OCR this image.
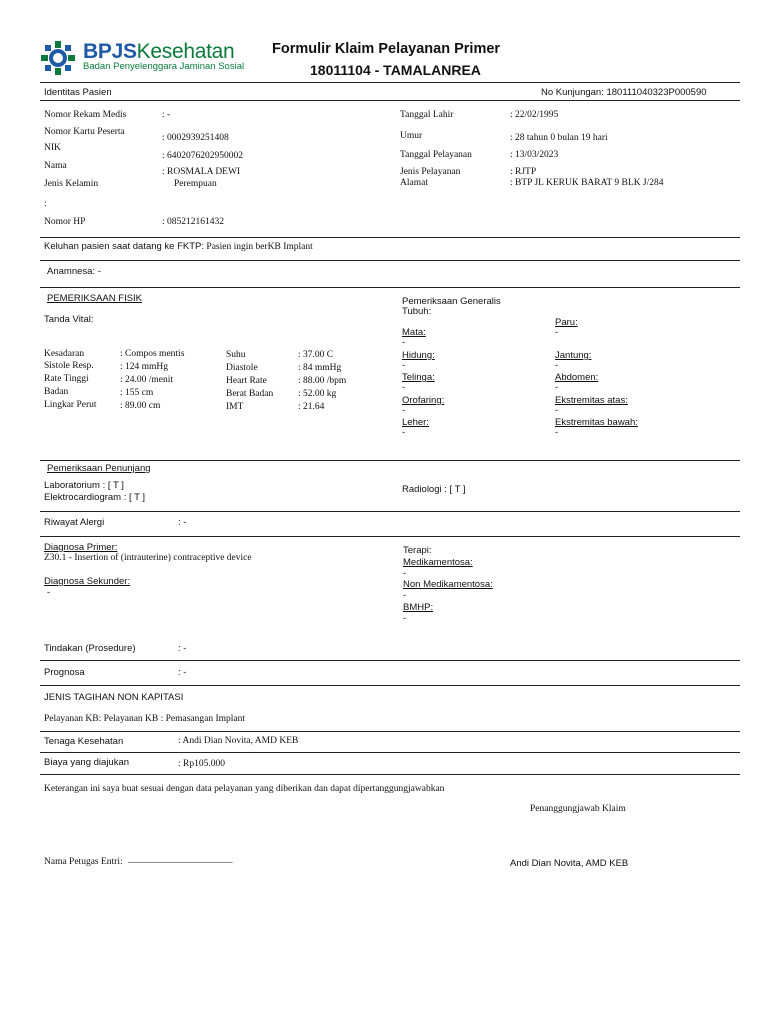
BPJSKesehatan
Badan Penyelenggara Jaminan Sosial
Formulir Klaim Pelayanan Primer
18011104 - TAMALANREA
Identitas Pasien	No Kunjungan: 180111040323P000590
Nomor Rekam Medis	: -
Nomor Kartu Peserta
: 0002939251408
NIK
: 6402076202950002
Nama
: ROSMALA DEWI
Jenis Kelamin	Perempuan
:
Nomor HP	: 085212161432
Tanggal Lahir	: 22/02/1995
Umur	: 28 tahun 0 bulan 19 hari
Tanggal Pelayanan	: 13/03/2023
Jenis Pelayanan	: RJTP
Alamat	: BTP JL KERUK BARAT 9 BLK J/284
Keluhan pasien saat datang ke FKTP: Pasien ingin berKB Implant
Anamnesa: -
PEMERIKSAAN FISIK
Tanda Vital:
Kesadaran	: Compos mentis
Sistole Resp.	: 124 mmHg
Rate Tinggi	: 24.00 /menit
Badan	: 155 cm
Lingkar Perut : 89.00 cm
Suhu	: 37.00 C
Diastole	: 84 mmHg
Heart Rate	: 88.00 /bpm
Berat Badan	: 52.00 kg
IMT	: 21.64
Pemeriksaan Generalis
Tubuh:
Mata:
-
Hidung:
-
Telinga:
-
Orofaring:
-
Leher:
-
Paru:
-
Jantung:
-
Abdomen:
-
Ekstremitas atas:
-
Ekstremitas bawah:
-
Pemeriksaan Penunjang
Laboratorium : [ T ]
Elektrocardiogram : [ T ]
Radiologi : [ T ]
Riwayat Alergi	: -
Diagnosa Primer:
Z30.1 - Insertion of (intrauterine) contraceptive device
Diagnosa Sekunder:
-
Terapi:
Medikamentosa:
-
Non Medikamentosa:
-
BMHP:
-
Tindakan (Prosedure)	: -
Prognosa	: -
JENIS TAGIHAN NON KAPITASI
Pelayanan KB: Pelayanan KB : Pemasangan Implant
Tenaga Kesehatan	: Andi Dian Novita, AMD KEB
Biaya yang diajukan	: Rp105.000
Keterangan ini saya buat sesuai dengan data pelayanan yang diberikan dan dapat dipertanggungjawabkan
Penanggungjawab Klaim
Nama Petugas Entri: ______________________	Andi Dian Novita, AMD KEB
